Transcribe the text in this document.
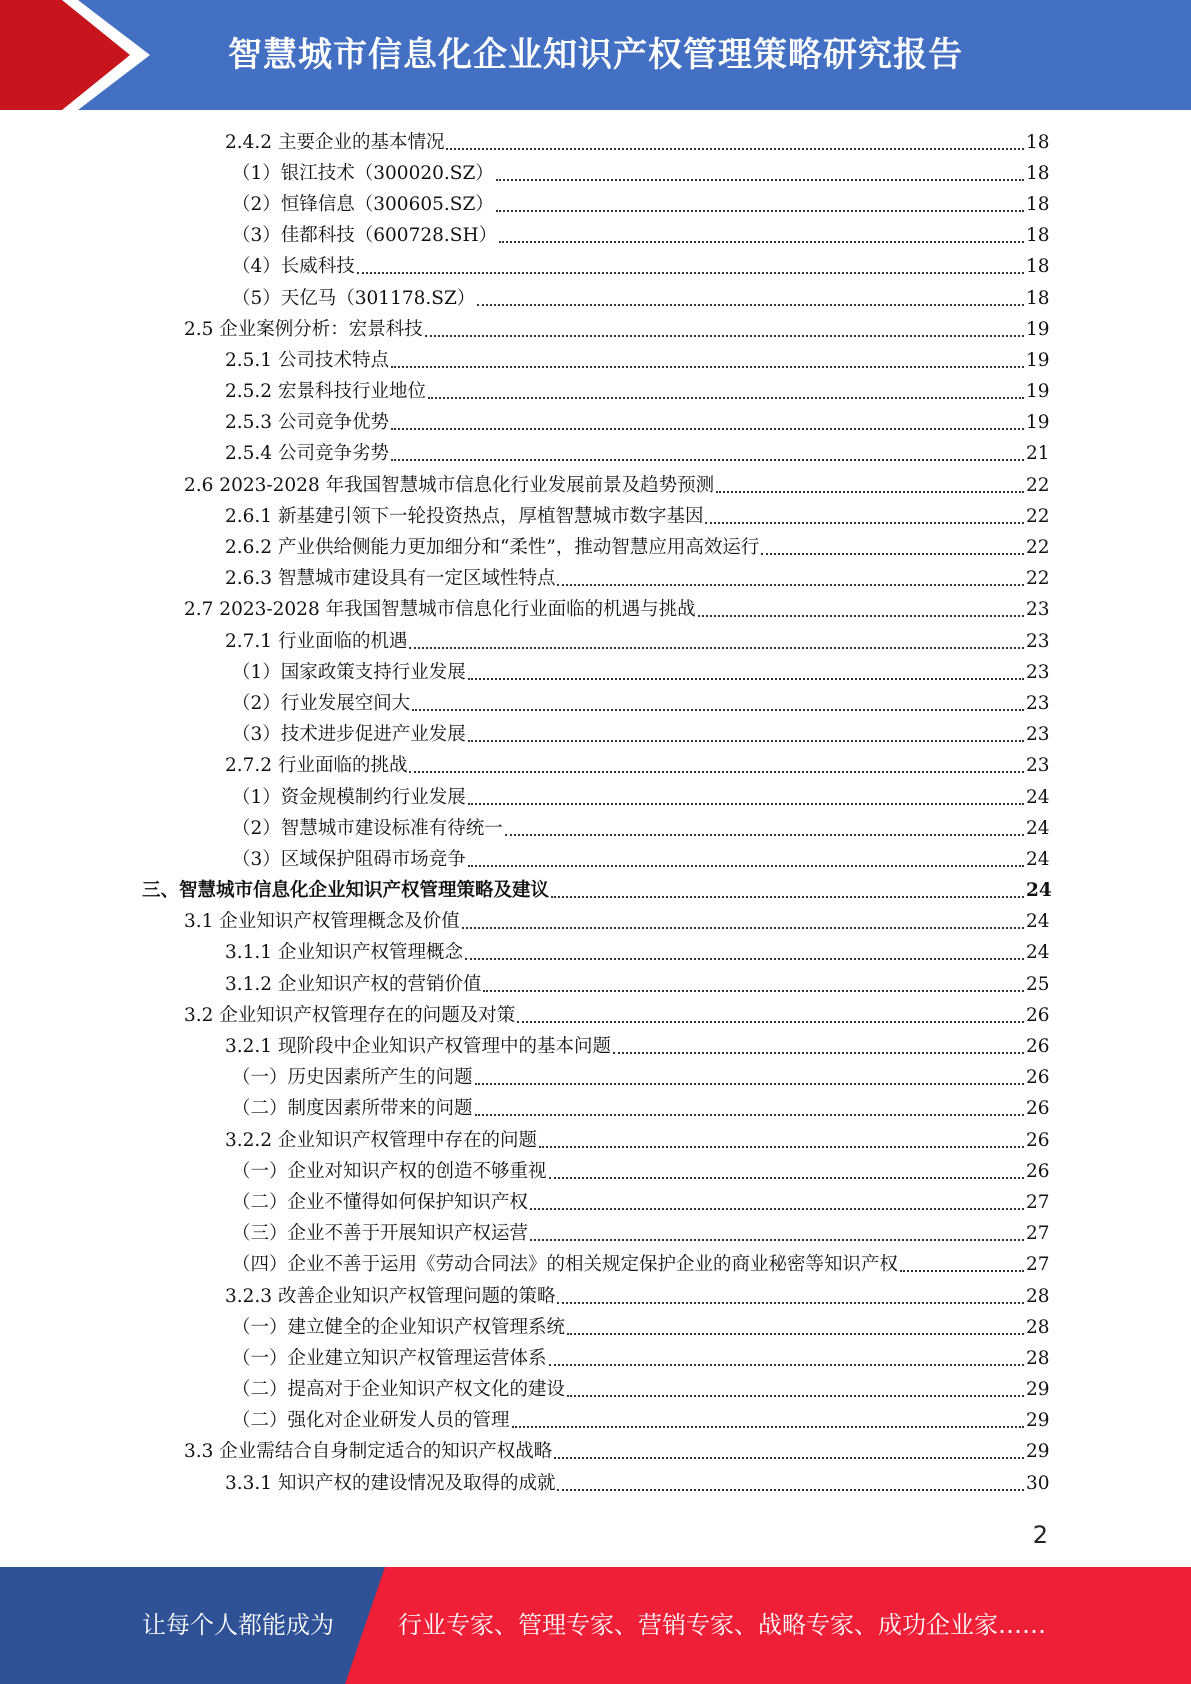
智慧城市信息化企业知识产权管理策略研究报告
2.4.2 主要企业的基本情况	18
（1）银江技术（300020.SZ）	18
（2）恒锋信息（300605.SZ）	18
（3）佳都科技（600728.SH）	18
（4）长威科技	18
（5）天亿马（301178.SZ）	18
2.5 企业案例分析：宏景科技	19
2.5.1 公司技术特点	19
2.5.2 宏景科技行业地位	19
2.5.3 公司竞争优势	19
2.5.4 公司竞争劣势	21
2.6 2023-2028 年我国智慧城市信息化行业发展前景及趋势预测	22
2.6.1 新基建引领下一轮投资热点，厚植智慧城市数字基因	22
2.6.2 产业供给侧能力更加细分和“柔性”，推动智慧应用高效运行	22
2.6.3 智慧城市建设具有一定区域性特点	22
2.7 2023-2028 年我国智慧城市信息化行业面临的机遇与挑战	23
2.7.1 行业面临的机遇	23
（1）国家政策支持行业发展	23
（2）行业发展空间大	23
（3）技术进步促进产业发展	23
2.7.2 行业面临的挑战	23
（1）资金规模制约行业发展	24
（2）智慧城市建设标准有待统一	24
（3）区域保护阻碍市场竞争	24
三、智慧城市信息化企业知识产权管理策略及建议	24
3.1 企业知识产权管理概念及价值	24
3.1.1 企业知识产权管理概念	24
3.1.2 企业知识产权的营销价值	25
3.2 企业知识产权管理存在的问题及对策	26
3.2.1 现阶段中企业知识产权管理中的基本问题	26
（一）历史因素所产生的问题	26
（二）制度因素所带来的问题	26
3.2.2 企业知识产权管理中存在的问题	26
（一）企业对知识产权的创造不够重视	26
（二）企业不懂得如何保护知识产权	27
（三）企业不善于开展知识产权运营	27
（四）企业不善于运用《劳动合同法》的相关规定保护企业的商业秘密等知识产权	27
3.2.3 改善企业知识产权管理问题的策略	28
（一）建立健全的企业知识产权管理系统	28
（一）企业建立知识产权管理运营体系	28
（二）提高对于企业知识产权文化的建设	29
（二）强化对企业研发人员的管理	29
3.3 企业需结合自身制定适合的知识产权战略	29
3.3.1 知识产权的建设情况及取得的成就	30
2
让每个人都能成为	行业专家、管理专家、营销专家、战略专家、成功企业家……
